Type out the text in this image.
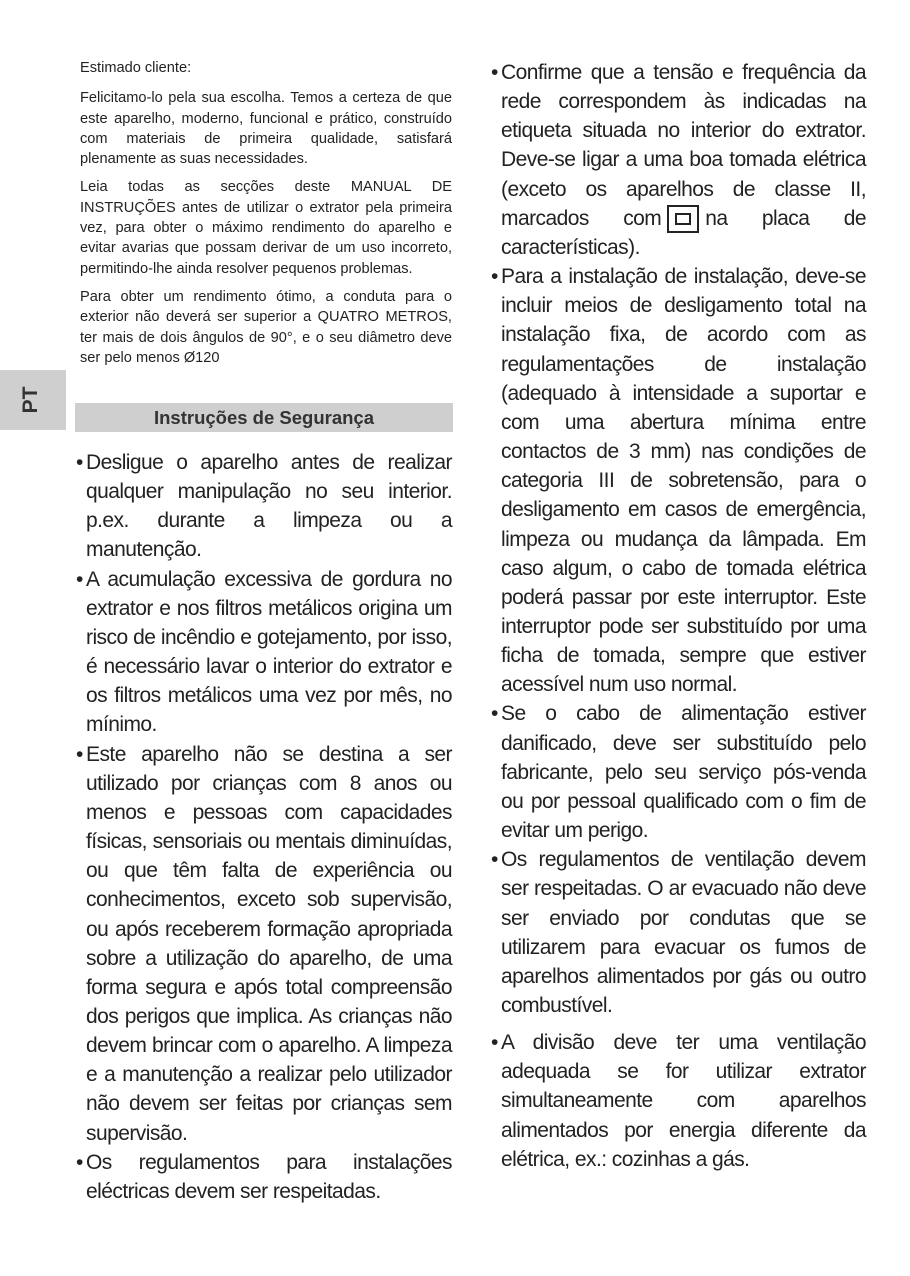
PT

Estimado cliente:

Felicitamo-lo pela sua escolha. Temos a certeza de que este aparelho, moderno, funcional e prático, construído com materiais de primeira qualidade, satisfará plenamente as suas necessidades.

Leia todas as secções deste MANUAL DE INSTRUÇÕES antes de utilizar o extrator pela primeira vez, para obter o máximo rendimento do aparelho e evitar avarias que possam derivar de um uso incorreto, permitindo-lhe ainda resolver pequenos problemas.

Para obter um rendimento ótimo, a conduta para o exterior não deverá ser superior a QUATRO METROS, ter mais de dois ângulos de 90°, e o seu diâmetro deve ser pelo menos Ø120

Instruções de Segurança

• Desligue o aparelho antes de realizar qualquer manipulação no seu interior. p.ex. durante a limpeza ou a manutenção.

• A acumulação excessiva de gordura no extrator e nos filtros metálicos origina um risco de incêndio e gotejamento, por isso, é necessário lavar o interior do extrator e os filtros metálicos uma vez por mês, no mínimo.

• Este aparelho não se destina a ser utilizado por crianças com 8 anos ou menos e pessoas com capacidades físicas, sensoriais ou mentais diminuídas, ou que têm falta de experiência ou conhecimentos, exceto sob supervisão, ou após receberem formação apropriada sobre a utilização do aparelho, de uma forma segura e após total compreensão dos perigos que implica. As crianças não devem brincar com o aparelho. A limpeza e a manutenção a realizar pelo utilizador não devem ser feitas por crianças sem supervisão.

• Os regulamentos para instalações eléctricas devem ser respeitadas.

• Confirme que a tensão e frequência da rede correspondem às indicadas na etiqueta situada no interior do extrator. Deve-se ligar a uma boa tomada elétrica (exceto os aparelhos de classe II, marcados com na placa de características).

• Para a instalação de instalação, deve-se incluir meios de desligamento total na instalação fixa, de acordo com as regulamentações de instalação (adequado à intensidade a suportar e com uma abertura mínima entre contactos de 3 mm) nas condições de categoria III de sobretensão, para o desligamento em casos de emergência, limpeza ou mudança da lâmpada. Em caso algum, o cabo de tomada elétrica poderá passar por este interruptor. Este interruptor pode ser substituído por uma ficha de tomada, sempre que estiver acessível num uso normal.

• Se o cabo de alimentação estiver danificado, deve ser substituído pelo fabricante, pelo seu serviço pós-venda ou por pessoal qualificado com o fim de evitar um perigo.

• Os regulamentos de ventilação devem ser respeitadas. O ar evacuado não deve ser enviado por condutas que se utilizarem para evacuar os fumos de aparelhos alimentados por gás ou outro combustível.

• A divisão deve ter uma ventilação adequada se for utilizar extrator simultaneamente com aparelhos alimentados por energia diferente da elétrica, ex.: cozinhas a gás.
